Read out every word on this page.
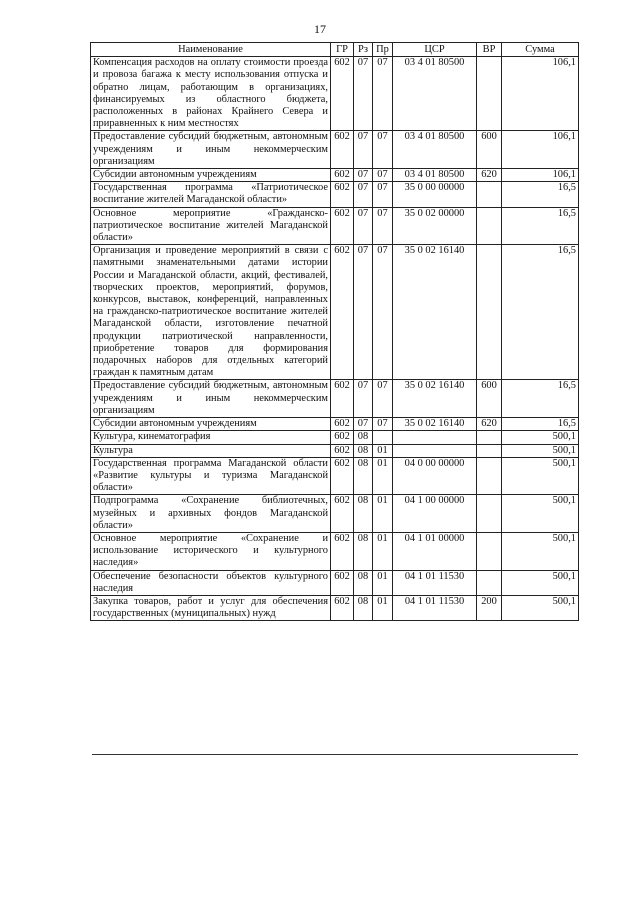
17
Наименование	ГР	Рз	Пр	ЦСР	ВР	Сумма
Компенсация расходов на оплату стоимости проезда и провоза багажа к месту использования отпуска и обратно лицам, работающим в организациях, финансируемых из областного бюджета, расположенных в районах Крайнего Севера и приравненных к ним местностях	602	07	07	03 4 01 80500		106,1
Предоставление субсидий бюджетным, автономным учреждениям и иным некоммерческим организациям	602	07	07	03 4 01 80500	600	106,1
Субсидии автономным учреждениям	602	07	07	03 4 01 80500	620	106,1
Государственная программа «Патриотическое воспитание жителей Магаданской области»	602	07	07	35 0 00 00000		16,5
Основное мероприятие «Гражданско-патриотическое воспитание жителей Магаданской области»	602	07	07	35 0 02 00000		16,5
Организация и проведение мероприятий в связи с памятными знаменательными датами истории России и Магаданской области, акций, фестивалей, творческих проектов, мероприятий, форумов, конкурсов, выставок, конференций, направленных на гражданско-патриотическое воспитание жителей Магаданской области, изготовление печатной продукции патриотической направленности, приобретение товаров для формирования подарочных наборов для отдельных категорий граждан к памятным датам	602	07	07	35 0 02 16140		16,5
Предоставление субсидий бюджетным, автономным учреждениям и иным некоммерческим организациям	602	07	07	35 0 02 16140	600	16,5
Субсидии автономным учреждениям	602	07	07	35 0 02 16140	620	16,5
Культура, кинематография	602	08				500,1
Культура	602	08	01			500,1
Государственная программа Магаданской области «Развитие культуры и туризма Магаданской области»	602	08	01	04 0 00 00000		500,1
Подпрограмма «Сохранение библиотечных, музейных и архивных фондов Магаданской области»	602	08	01	04 1 00 00000		500,1
Основное мероприятие «Сохранение и использование исторического и культурного наследия»	602	08	01	04 1 01 00000		500,1
Обеспечение безопасности объектов культурного наследия	602	08	01	04 1 01 11530		500,1
Закупка товаров, работ и услуг для обеспечения государственных (муниципальных) нужд	602	08	01	04 1 01 11530	200	500,1
